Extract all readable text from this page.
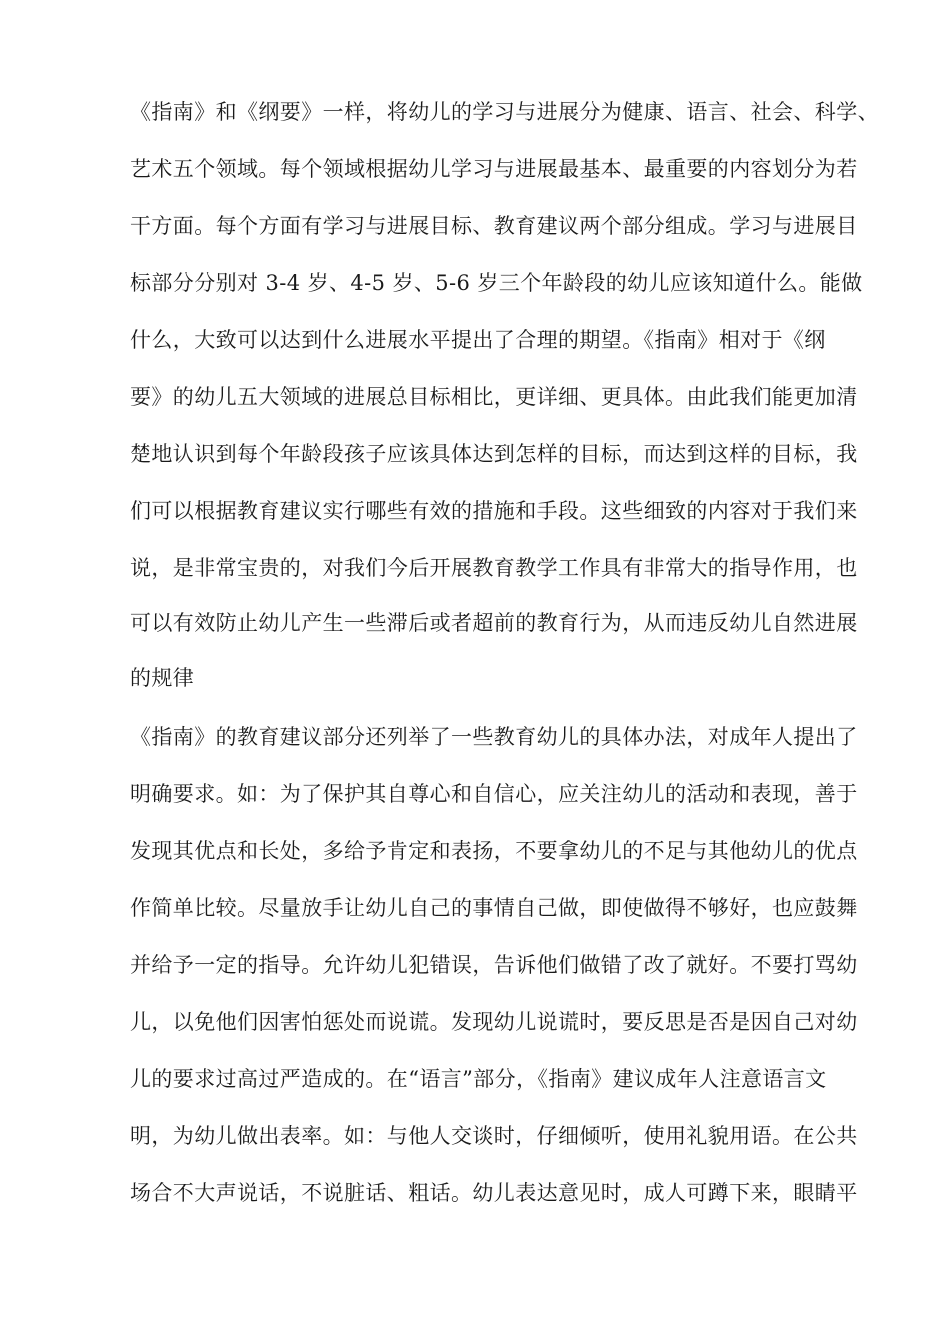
《指南》和《纲要》一样，将幼儿的学习与进展分为健康、语言、社会、科学、
艺术五个领域。每个领域根据幼儿学习与进展最基本、最重要的内容划分为若
干方面。每个方面有学习与进展目标、教育建议两个部分组成。学习与进展目
标部分分别对 3-4 岁、4-5 岁、5-6 岁三个年龄段的幼儿应该知道什么。能做
什么，大致可以达到什么进展水平提出了合理的期望。《指南》相对于《纲
要》的幼儿五大领域的进展总目标相比，更详细、更具体。由此我们能更加清
楚地认识到每个年龄段孩子应该具体达到怎样的目标，而达到这样的目标，我
们可以根据教育建议实行哪些有效的措施和手段。这些细致的内容对于我们来
说，是非常宝贵的，对我们今后开展教育教学工作具有非常大的指导作用，也
可以有效防止幼儿产生一些滞后或者超前的教育行为，从而违反幼儿自然进展
的规律
《指南》的教育建议部分还列举了一些教育幼儿的具体办法，对成年人提出了
明确要求。如：为了保护其自尊心和自信心，应关注幼儿的活动和表现，善于
发现其优点和长处，多给予肯定和表扬，不要拿幼儿的不足与其他幼儿的优点
作简单比较。尽量放手让幼儿自己的事情自己做，即使做得不够好，也应鼓舞
并给予一定的指导。允许幼儿犯错误，告诉他们做错了改了就好。不要打骂幼
儿，以免他们因害怕惩处而说谎。发现幼儿说谎时，要反思是否是因自己对幼
儿的要求过高过严造成的。在“语言”部分，《指南》建议成年人注意语言文
明，为幼儿做出表率。如：与他人交谈时，仔细倾听，使用礼貌用语。在公共
场合不大声说话，不说脏话、粗话。幼儿表达意见时，成人可蹲下来，眼睛平
